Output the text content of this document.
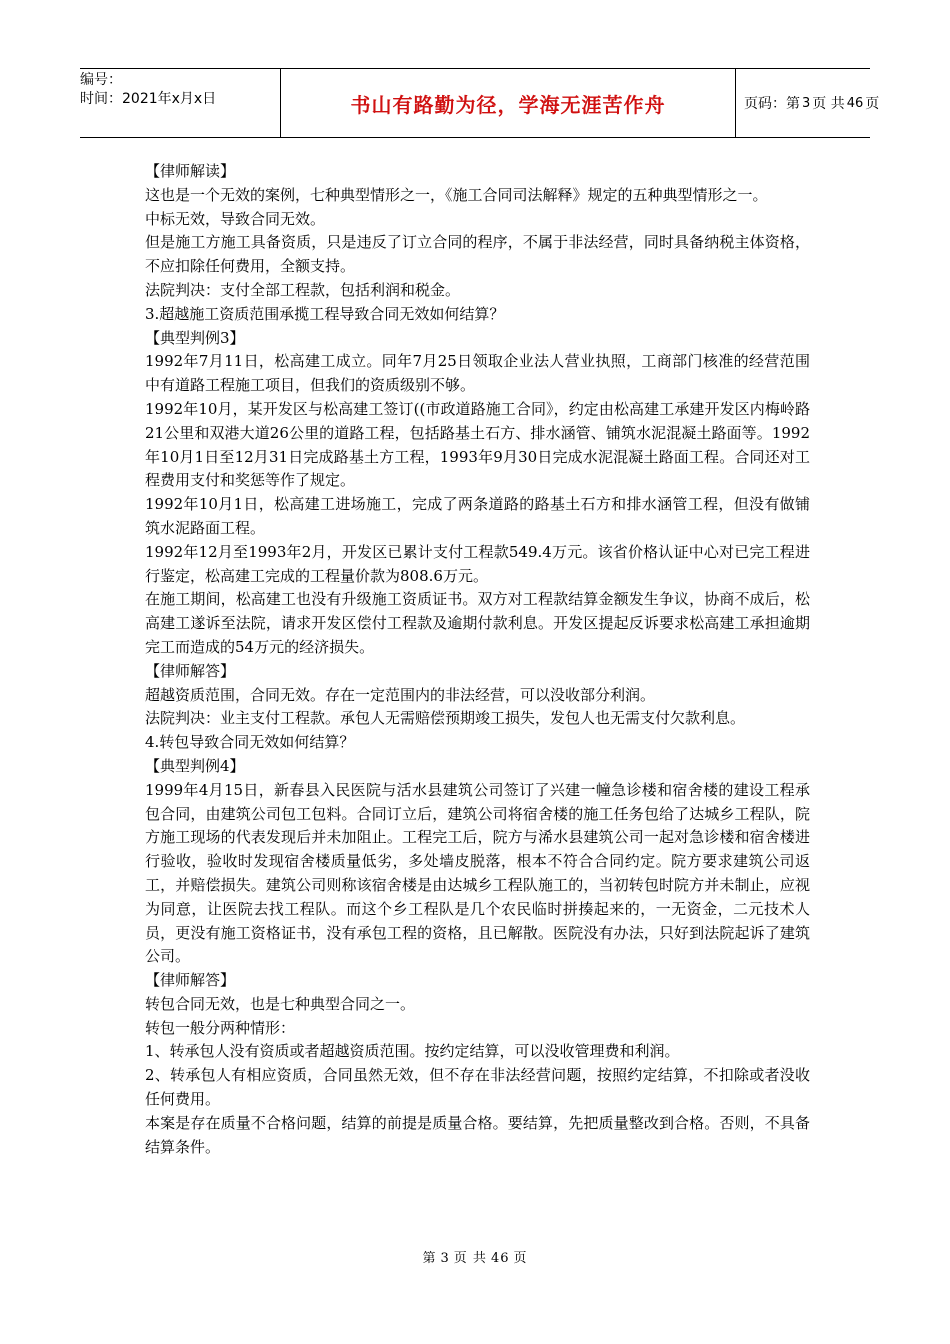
编号：
时间：2021年x月x日	书山有路勤为径，学海无涯苦作舟	页码：第 3 页 共 46 页

【律师解读】

这也是一个无效的案例，七种典型情形之一，《施工合同司法解释》规定的五种典型情形之一。

中标无效，导致合同无效。

但是施工方施工具备资质，只是违反了订立合同的程序，不属于非法经营，同时具备纳税主体资格，不应扣除任何费用，全额支持。

法院判决：支付全部工程款，包括利润和税金。

3.超越施工资质范围承揽工程导致合同无效如何结算？

【典型判例3】

1992年7月11日，松高建工成立。同年7月25日领取企业法人营业执照，工商部门核准的经营范围中有道路工程施工项目，但我们的资质级别不够。

1992年10月，某开发区与松高建工签订((市政道路施工合同》，约定由松高建工承建开发区内梅岭路21公里和双港大道26公里的道路工程，包括路基土石方、排水涵管、铺筑水泥混凝土路面等。1992年10月1日至12月31日完成路基土方工程，1993年9月30日完成水泥混凝土路面工程。合同还对工程费用支付和奖惩等作了规定。

1992年10月1日，松高建工进场施工，完成了两条道路的路基土石方和排水涵管工程，但没有做铺筑水泥路面工程。

1992年12月至1993年2月，开发区已累计支付工程款549.4万元。该省价格认证中心对已完工程进行鉴定，松高建工完成的工程量价款为808.6万元。

在施工期间，松高建工也没有升级施工资质证书。双方对工程款结算金额发生争议，协商不成后，松高建工遂诉至法院，请求开发区偿付工程款及逾期付款利息。开发区提起反诉要求松高建工承担逾期完工而造成的54万元的经济损失。

【律师解答】

超越资质范围，合同无效。存在一定范围内的非法经营，可以没收部分利润。

法院判决：业主支付工程款。承包人无需赔偿预期竣工损失，发包人也无需支付欠款利息。

4.转包导致合同无效如何结算？

【典型判例4】

1999年4月15日，新春县入民医院与活水县建筑公司签订了兴建一幢急诊楼和宿舍楼的建设工程承包合同，由建筑公司包工包料。合同订立后，建筑公司将宿舍楼的施工任务包给了达城乡工程队，院方施工现场的代表发现后并未加阻止。工程完工后，院方与浠水县建筑公司一起对急诊楼和宿舍楼进行验收，验收时发现宿舍楼质量低劣，多处墙皮脱落，根本不符合合同约定。院方要求建筑公司返工，并赔偿损失。建筑公司则称该宿舍楼是由达城乡工程队施工的，当初转包时院方并未制止，应视为同意，让医院去找工程队。而这个乡工程队是几个农民临时拼揍起来的，一无资金，二元技术人员，更没有施工资格证书，没有承包工程的资格，且已解散。医院没有办法，只好到法院起诉了建筑公司。

【律师解答】

转包合同无效，也是七种典型合同之一。

转包一般分两种情形：

1、转承包人没有资质或者超越资质范围。按约定结算，可以没收管理费和利润。

2、转承包人有相应资质，合同虽然无效，但不存在非法经营问题，按照约定结算，不扣除或者没收任何费用。

本案是存在质量不合格问题，结算的前提是质量合格。要结算，先把质量整改到合格。否则，不具备结算条件。

第 3 页 共 46 页
